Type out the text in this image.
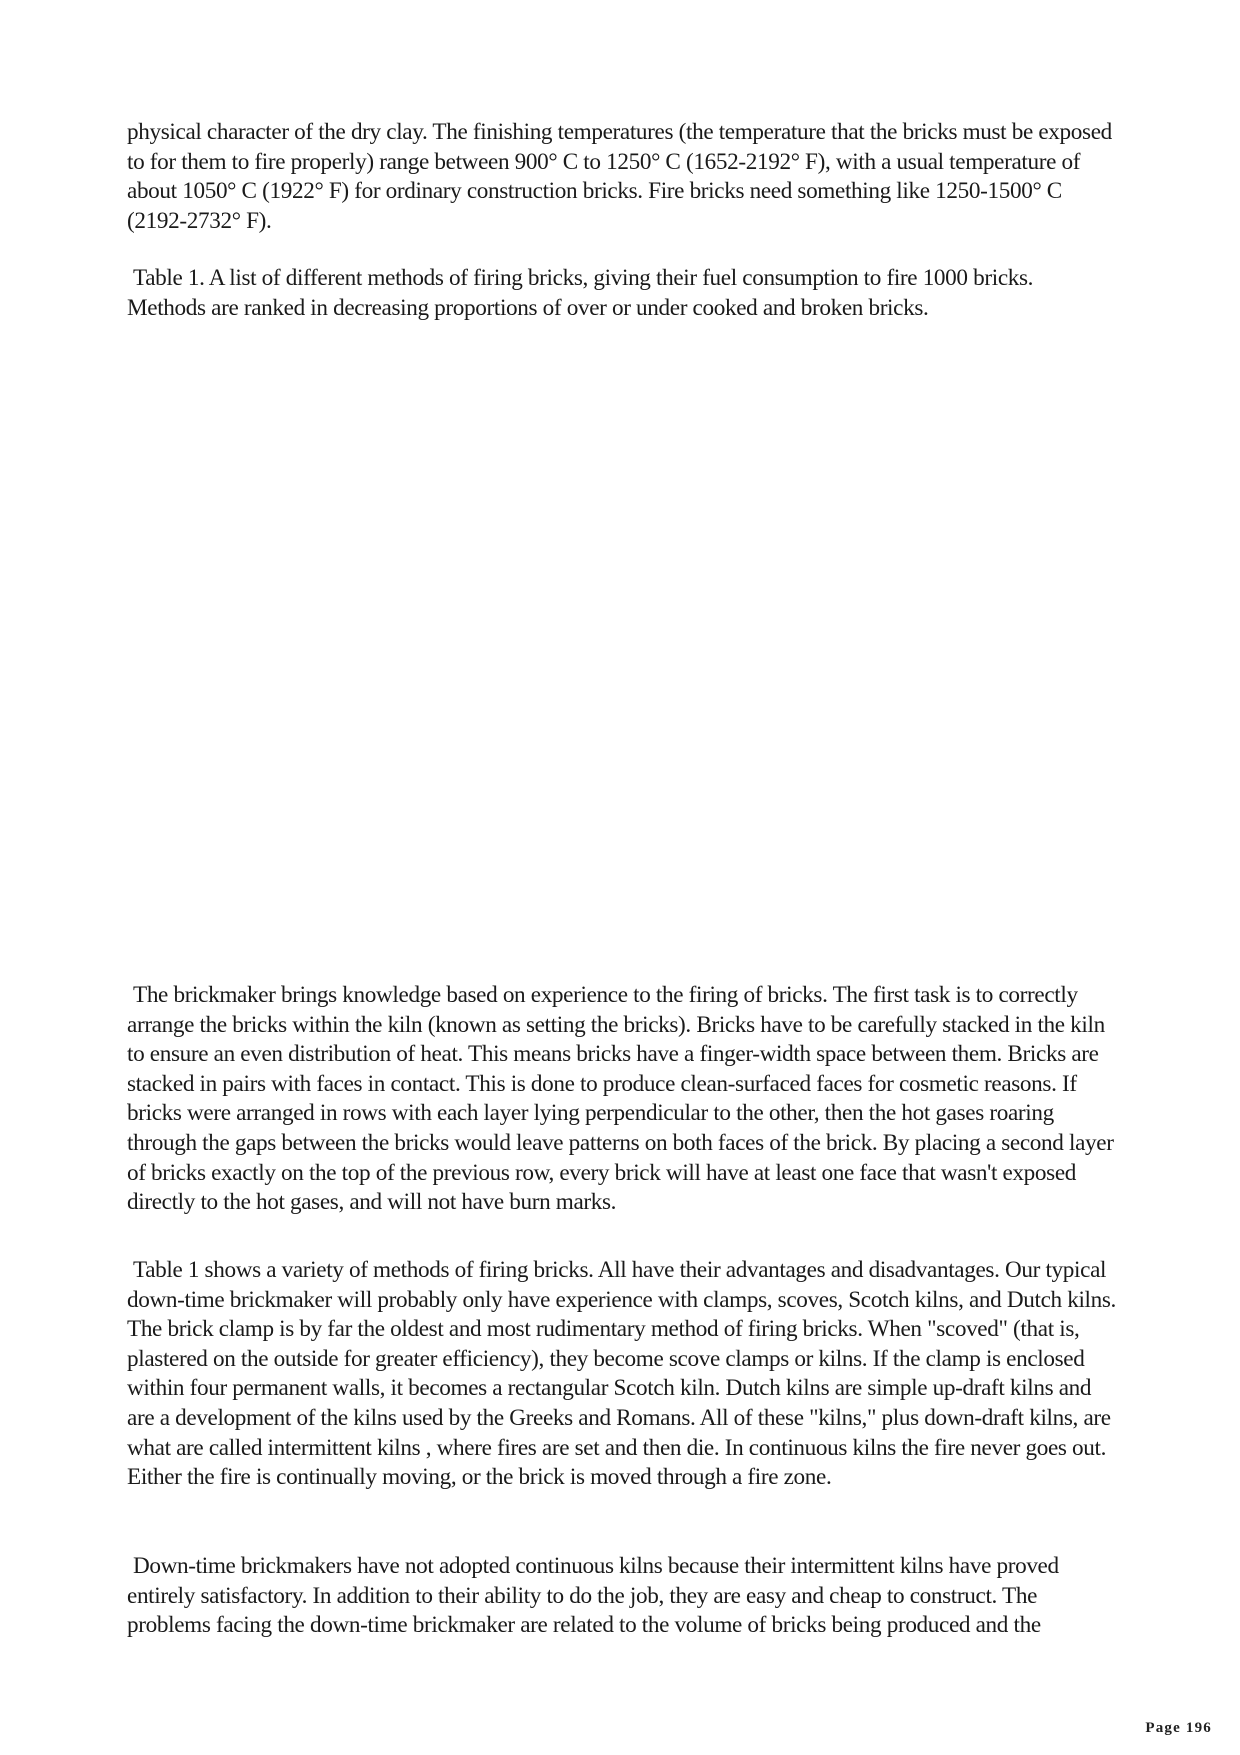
physical character of the dry clay. The finishing temperatures (the temperature that the bricks must be exposed to for them to fire properly) range between 900° C to 1250° C (1652-2192° F), with a usual temperature of about 1050° C (1922° F) for ordinary construction bricks. Fire bricks need something like 1250-1500° C (2192-2732° F).

Table 1. A list of different methods of firing bricks, giving their fuel consumption to fire 1000 bricks. Methods are ranked in decreasing proportions of over or under cooked and broken bricks.

The brickmaker brings knowledge based on experience to the firing of bricks. The first task is to correctly arrange the bricks within the kiln (known as setting the bricks). Bricks have to be carefully stacked in the kiln to ensure an even distribution of heat. This means bricks have a finger-width space between them. Bricks are stacked in pairs with faces in contact. This is done to produce clean-surfaced faces for cosmetic reasons. If bricks were arranged in rows with each layer lying perpendicular to the other, then the hot gases roaring through the gaps between the bricks would leave patterns on both faces of the brick. By placing a second layer of bricks exactly on the top of the previous row, every brick will have at least one face that wasn't exposed directly to the hot gases, and will not have burn marks.

Table 1 shows a variety of methods of firing bricks. All have their advantages and disadvantages. Our typical down-time brickmaker will probably only have experience with clamps, scoves, Scotch kilns, and Dutch kilns. The brick clamp is by far the oldest and most rudimentary method of firing bricks. When "scoved" (that is, plastered on the outside for greater efficiency), they become scove clamps or kilns. If the clamp is enclosed within four permanent walls, it becomes a rectangular Scotch kiln. Dutch kilns are simple up-draft kilns and are a development of the kilns used by the Greeks and Romans. All of these "kilns," plus down-draft kilns, are what are called intermittent kilns , where fires are set and then die. In continuous kilns the fire never goes out. Either the fire is continually moving, or the brick is moved through a fire zone.

Down-time brickmakers have not adopted continuous kilns because their intermittent kilns have proved entirely satisfactory. In addition to their ability to do the job, they are easy and cheap to construct. The problems facing the down-time brickmaker are related to the volume of bricks being produced and the

Page 196
